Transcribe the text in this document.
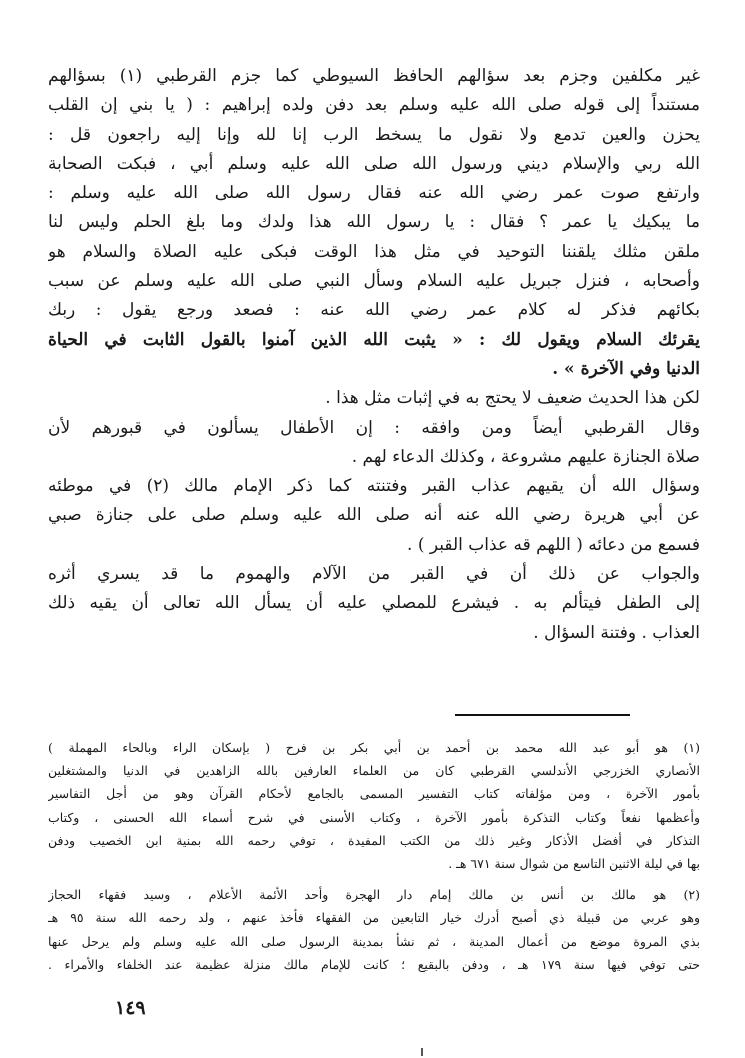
غير مكلفين وجزم بعد سؤالهم الحافظ السيوطي كما جزم القرطبي (١) بسؤالهم
مستنداً إلى قوله صلى الله عليه وسلم بعد دفن ولده إبراهيم : ( يا بني إن القلب
يحزن والعين تدمع ولا نقول ما يسخط الرب إنا لله وإنا إليه راجعون قل :
الله ربي والإسلام ديني ورسول الله صلى الله عليه وسلم أبي ، فبكت الصحابة
وارتفع صوت عمر رضي الله عنه فقال رسول الله صلى الله عليه وسلم :
ما يبكيك يا عمر ؟ فقال : يا رسول الله هذا ولدك وما بلغ الحلم وليس لنا
ملقن مثلك يلقننا التوحيد في مثل هذا الوقت فبكى عليه الصلاة والسلام هو
وأصحابه ، فنزل جبريل عليه السلام وسأل النبي صلى الله عليه وسلم عن سبب
بكائهم فذكر له كلام عمر رضي الله عنه : فصعد ورجع يقول : ربك
يقرئك السلام ويقول لك : « يثبت الله الذين آمنوا بالقول الثابت في الحياة
الدنيا وفي الآخرة » .
لكن هذا الحديث ضعيف لا يحتج به في إثبات مثل هذا .
وقال القرطبي أيضاً ومن وافقه : إن الأطفال يسألون في قبورهم لأن
صلاة الجنازة عليهم مشروعة ، وكذلك الدعاء لهم .
وسؤال الله أن يقيهم عذاب القبر وفتنته كما ذكر الإمام مالك (٢) في موطئه
عن أبي هريرة رضي الله عنه أنه صلى الله عليه وسلم صلى على جنازة صبي
فسمع من دعائه ( اللهم قه عذاب القبر ) .
والجواب عن ذلك أن في القبر من الآلام والهموم ما قد يسري أثره
إلى الطفل فيتألم به . فيشرع للمصلي عليه أن يسأل الله تعالى أن يقيه ذلك
العذاب . وفتنة السؤال .
(١) هو أبو عبد الله محمد بن أحمد بن أبي بكر بن فرح ( بإسكان الراء وبالحاء المهملة )
الأنصاري الخزرجي الأندلسي القرطبي كان من العلماء العارفين بالله الزاهدين في الدنيا والمشتغلين
بأمور الآخرة ، ومن مؤلفاته كتاب التفسير المسمى بالجامع لأحكام القرآن وهو من أجل التفاسير
وأعظمها نفعاً وكتاب التذكرة بأمور الآخرة ، وكتاب الأسنى في شرح أسماء الله الحسنى ، وكتاب
التذكار في أفضل الأذكار وغير ذلك من الكتب المفيدة ، توفي رحمه الله بمنية ابن الخصيب ودفن
بها في ليلة الاثنين التاسع من شوال سنة ٦٧١ هـ .
(٢) هو مالك بن أنس بن مالك إمام دار الهجرة وأحد الأئمة الأعلام ، وسيد فقهاء الحجاز
وهو عربي من قبيلة ذي أصبح أدرك خيار التابعين من الفقهاء فأخذ عنهم ، ولد رحمه الله سنة ٩٥ هـ
بذي المروة موضع من أعمال المدينة ، ثم نشأ بمدينة الرسول صلى الله عليه وسلم ولم يرحل عنها
حتى توفي فيها سنة ١٧٩ هـ ، ودفن بالبقيع ؛ كانت للإمام مالك منزلة عظيمة عند الخلفاء والأمراء .
١٤٩
